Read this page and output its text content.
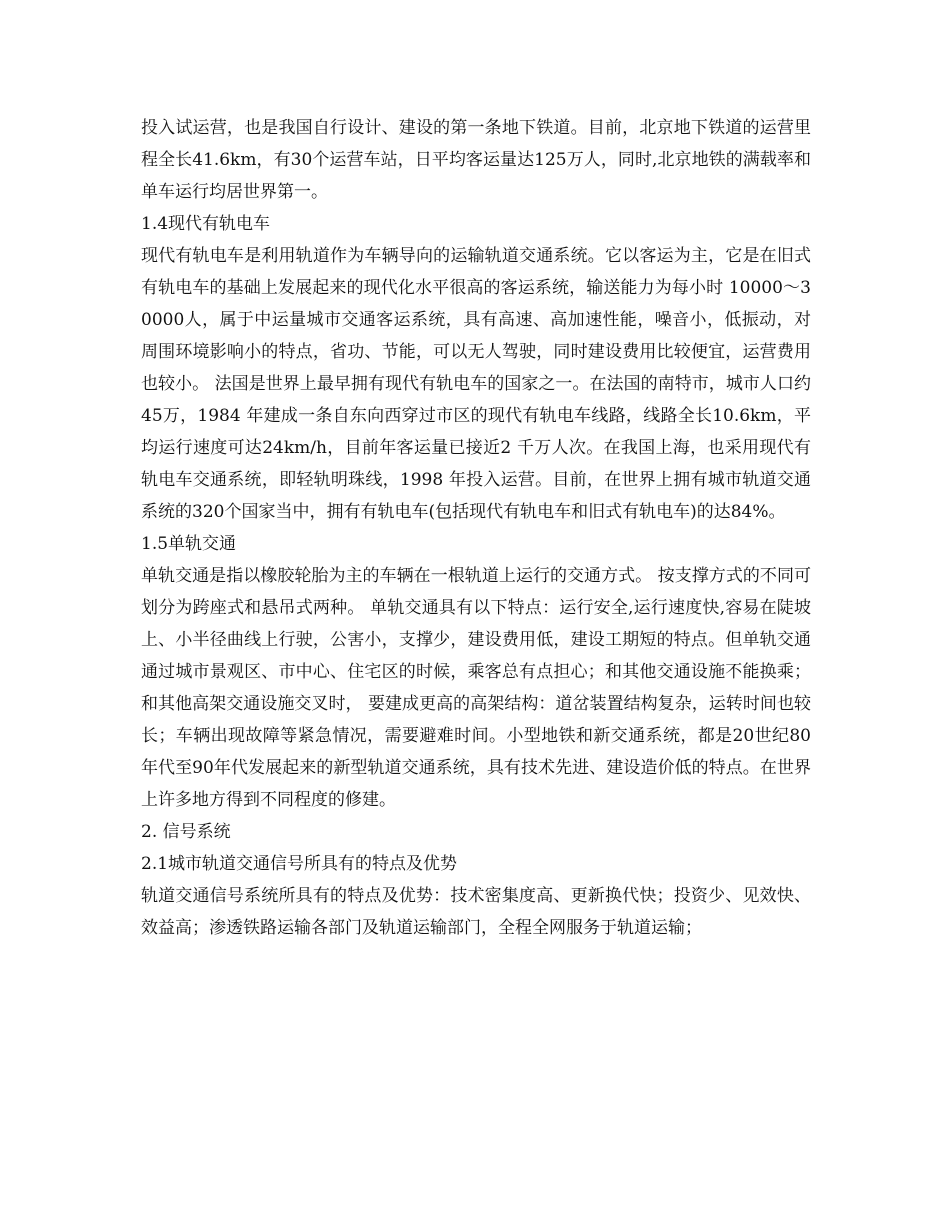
投入试运营，也是我国自行设计、建设的第一条地下铁道。目前，北京地下铁道的运营里程全长41.6km，有30个运营车站，日平均客运量达125万人，同时,北京地铁的满载率和单车运行均居世界第一。

1.4现代有轨电车

现代有轨电车是利用轨道作为车辆导向的运输轨道交通系统。它以客运为主，它是在旧式有轨电车的基础上发展起来的现代化水平很高的客运系统，输送能力为每小时 10000～30000人，属于中运量城市交通客运系统，具有高速、高加速性能，噪音小，低振动，对周围环境影响小的特点，省功、节能，可以无人驾驶，同时建设费用比较便宜，运营费用也较小。 法国是世界上最早拥有现代有轨电车的国家之一。在法国的南特市，城市人口约45万，1984 年建成一条自东向西穿过市区的现代有轨电车线路，线路全长10.6km，平均运行速度可达24km/h，目前年客运量已接近2 千万人次。在我国上海，也采用现代有轨电车交通系统，即轻轨明珠线，1998 年投入运营。目前，在世界上拥有城市轨道交通系统的320个国家当中，拥有有轨电车(包括现代有轨电车和旧式有轨电车)的达84%。

1.5单轨交通

单轨交通是指以橡胶轮胎为主的车辆在一根轨道上运行的交通方式。 按支撑方式的不同可划分为跨座式和悬吊式两种。 单轨交通具有以下特点：运行安全,运行速度快,容易在陡坡上、小半径曲线上行驶，公害小，支撑少，建设费用低，建设工期短的特点。但单轨交通通过城市景观区、市中心、住宅区的时候，乘客总有点担心；和其他交通设施不能换乘；和其他高架交通设施交叉时， 要建成更高的高架结构：道岔装置结构复杂，运转时间也较长；车辆出现故障等紧急情况，需要避难时间。小型地铁和新交通系统，都是20世纪80年代至90年代发展起来的新型轨道交通系统，具有技术先进、建设造价低的特点。在世界上许多地方得到不同程度的修建。

2. 信号系统

2.1城市轨道交通信号所具有的特点及优势

轨道交通信号系统所具有的特点及优势：技术密集度高、更新换代快；投资少、见效快、效益高；渗透铁路运输各部门及轨道运输部门，全程全网服务于轨道运输；
